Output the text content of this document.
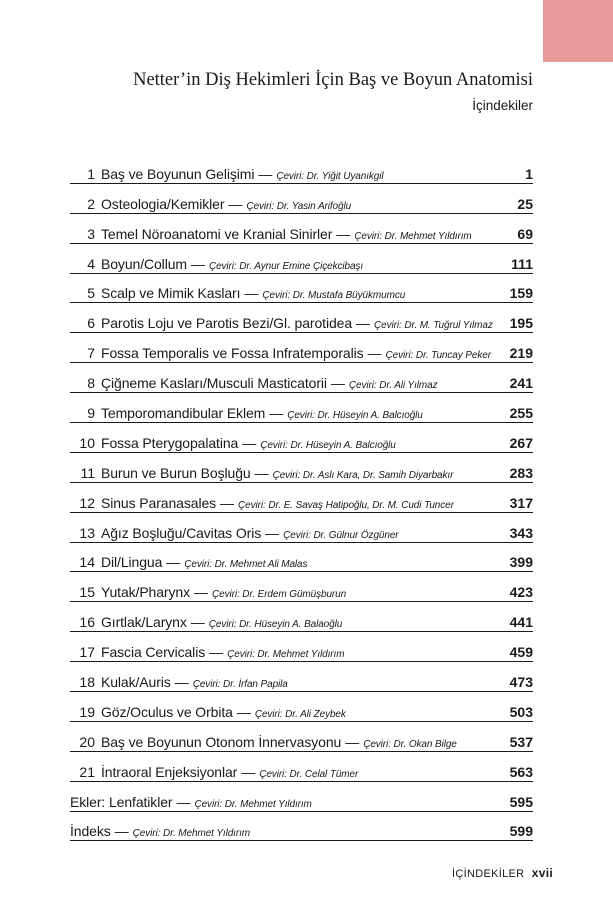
Netter’in Diş Hekimleri İçin Baş ve Boyun Anatomisi
İçindekiler
1 Baş ve Boyunun Gelişimi — Çeviri: Dr. Yiğit Uyanıkgil	1
2 Osteologia/Kemikler — Çeviri: Dr. Yasin Arifoğlu	25
3 Temel Nöroanatomi ve Kranial Sinirler — Çeviri: Dr. Mehmet Yıldırım	69
4 Boyun/Collum — Çeviri: Dr. Aynur Emine Çiçekcibaşı	111
5 Scalp ve Mimik Kasları — Çeviri: Dr. Mustafa Büyükmumcu	159
6 Parotis Loju ve Parotis Bezi/Gl. parotidea — Çeviri: Dr. M. Tuğrul Yılmaz 195
7 Fossa Temporalis ve Fossa Infratemporalis — Çeviri: Dr. Tuncay Peker 219
8 Çiğneme Kasları/Musculi Masticatorii — Çeviri: Dr. Ali Yılmaz	241
9 Temporomandibular Eklem — Çeviri: Dr. Hüseyin A. Balcıoğlu	255
10 Fossa Pterygopalatina — Çeviri: Dr. Hüseyin A. Balcıoğlu	267
11 Burun ve Burun Boşluğu — Çeviri: Dr. Aslı Kara, Dr. Samih Diyarbakır	283
12 Sinus Paranasales — Çeviri: Dr. E. Savaş Hatipoğlu, Dr. M. Cudi Tuncer	317
13 Ağız Boşluğu/Cavitas Oris — Çeviri: Dr. Gülnur Özgüner	343
14 Dil/Lingua — Çeviri: Dr. Mehmet Ali Malas	399
15 Yutak/Pharynx — Çeviri: Dr. Erdem Gümüşburun	423
16 Gırtlak/Larynx — Çeviri: Dr. Hüseyin A. Balaoğlu	441
17 Fascia Cervicalis — Çeviri: Dr. Mehmet Yıldırım	459
18 Kulak/Auris — Çeviri: Dr. İrfan Papila	473
19 Göz/Oculus ve Orbita — Çeviri: Dr. Ali Zeybek	503
20 Baş ve Boyunun Otonom İnnervasyonu — Çeviri: Dr. Okan Bilge	537
21 İntraoral Enjeksiyonlar — Çeviri: Dr. Celal Tümer	563
Ekler: Lenfatikler — Çeviri: Dr. Mehmet Yıldırım	595
İndeks — Çeviri: Dr. Mehmet Yıldırım	599
İÇİNDEKİLER xvii
